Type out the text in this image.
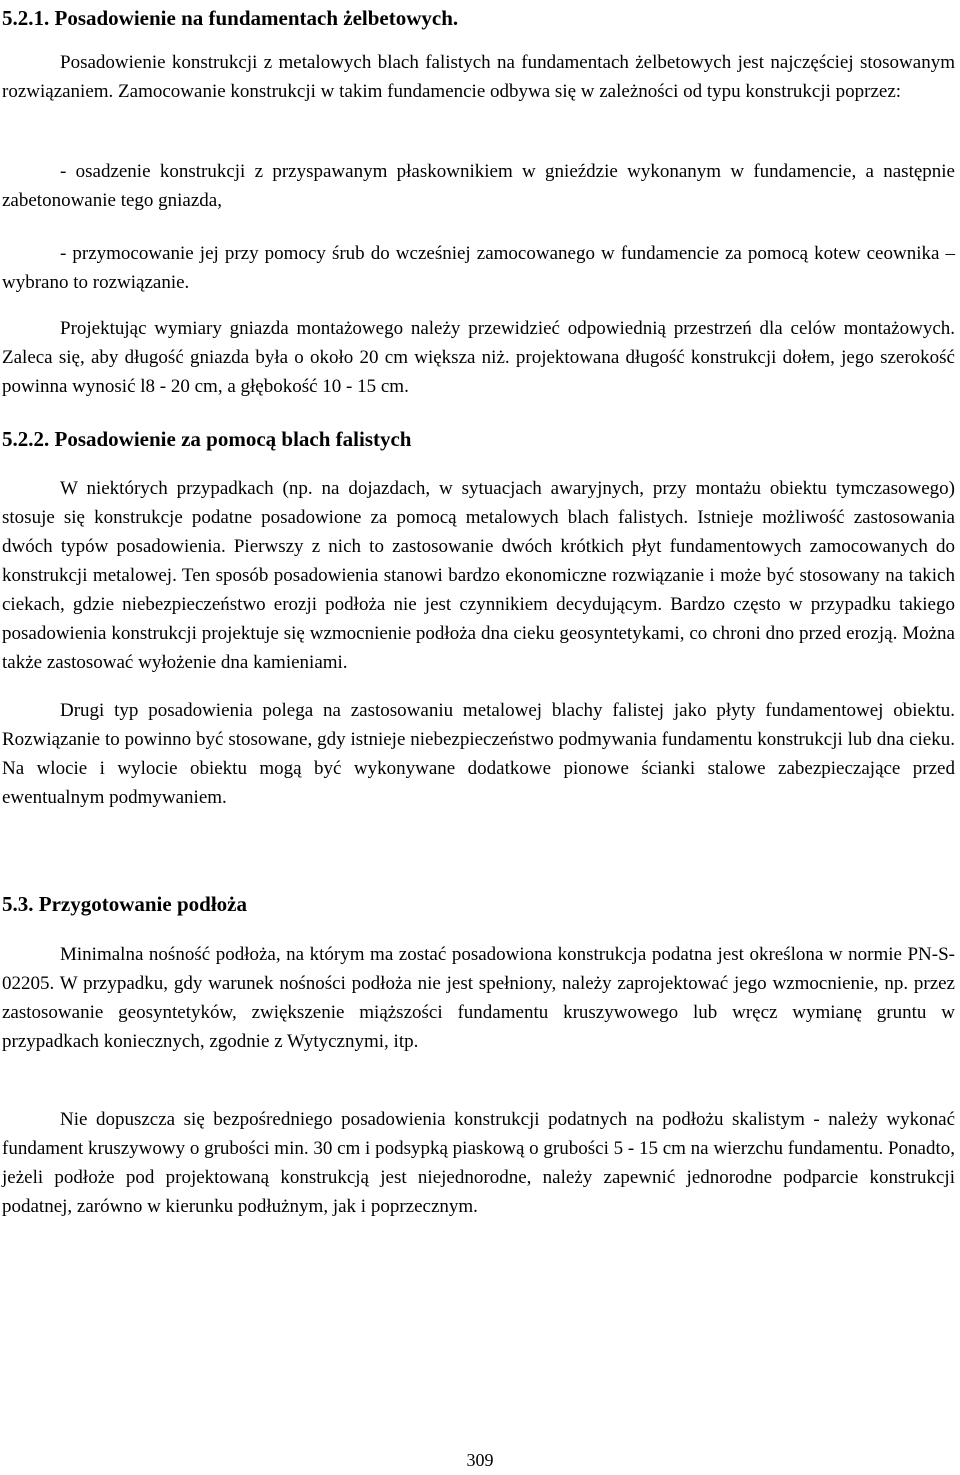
5.2.1. Posadowienie na fundamentach żelbetowych.

Posadowienie konstrukcji z metalowych blach falistych na fundamentach żelbetowych jest najczęściej stosowanym rozwiązaniem. Zamocowanie konstrukcji w takim fundamencie odbywa się w zależności od typu konstrukcji poprzez:

- osadzenie konstrukcji z przyspawanym płaskownikiem w gnieździe wykonanym w fundamencie, a następnie zabetonowanie tego gniazda,

- przymocowanie jej przy pomocy śrub do wcześniej zamocowanego w fundamencie za pomocą kotew ceownika – wybrano to rozwiązanie.

Projektując wymiary gniazda montażowego należy przewidzieć odpowiednią przestrzeń dla celów montażowych. Zaleca się, aby długość gniazda była o około 20 cm większa niż. projektowana długość konstrukcji dołem, jego szerokość powinna wynosić l8 - 20 cm, a głębokość 10 - 15 cm.

5.2.2. Posadowienie za pomocą blach falistych

W niektórych przypadkach (np. na dojazdach, w sytuacjach awaryjnych, przy montażu obiektu tymczasowego) stosuje się konstrukcje podatne posadowione za pomocą metalowych blach falistych. Istnieje możliwość zastosowania dwóch typów posadowienia. Pierwszy z nich to zastosowanie dwóch krótkich płyt fundamentowych zamocowanych do konstrukcji metalowej. Ten sposób posadowienia stanowi bardzo ekonomiczne rozwiązanie i może być stosowany na takich ciekach, gdzie niebezpieczeństwo erozji podłoża nie jest czynnikiem decydującym. Bardzo często w przypadku takiego posadowienia konstrukcji projektuje się wzmocnienie podłoża dna cieku geosyntetykami, co chroni dno przed erozją. Można także zastosować wyłożenie dna kamieniami.

Drugi typ posadowienia polega na zastosowaniu metalowej blachy falistej jako płyty fundamentowej obiektu. Rozwiązanie to powinno być stosowane, gdy istnieje niebezpieczeństwo podmywania fundamentu konstrukcji lub dna cieku. Na wlocie i wylocie obiektu mogą być wykonywane dodatkowe pionowe ścianki stalowe zabezpieczające przed ewentualnym podmywaniem.

5.3. Przygotowanie podłoża

Minimalna nośność podłoża, na którym ma zostać posadowiona konstrukcja podatna jest określona w normie PN-S-02205. W przypadku, gdy warunek nośności podłoża nie jest spełniony, należy zaprojektować jego wzmocnienie, np. przez zastosowanie geosyntetyków, zwiększenie miąższości fundamentu kruszywowego lub wręcz wymianę gruntu w przypadkach koniecznych, zgodnie z Wytycznymi, itp.

Nie dopuszcza się bezpośredniego posadowienia konstrukcji podatnych na podłożu skalistym - należy wykonać fundament kruszywowy o grubości min. 30 cm i podsypką piaskową o grubości 5 - 15 cm na wierzchu fundamentu. Ponadto, jeżeli podłoże pod projektowaną konstrukcją jest niejednorodne, należy zapewnić jednorodne podparcie konstrukcji podatnej, zarówno w kierunku podłużnym, jak i poprzecznym.

309
